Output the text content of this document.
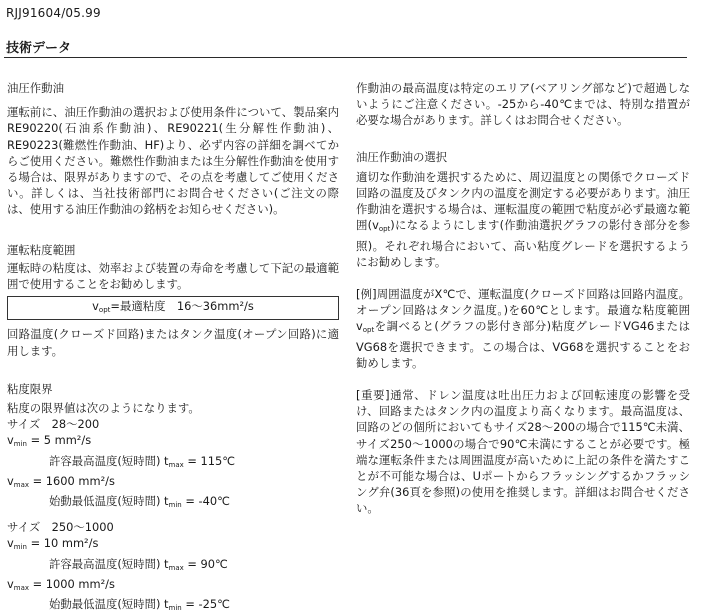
RJJ91604/05.99
技術データ

油圧作動油

運転前に、油圧作動油の選択および使用条件について、製品案内RE90220(石油系作動油)、RE90221(生分解性作動油)、RE90223(難燃性作動油、HF)より、必ず内容の詳細を調べてからご使用ください。難燃性作動油または生分解性作動油を使用する場合は、限界がありますので、その点を考慮してご使用ください。詳しくは、当社技術部門にお問合せください(ご注文の際は、使用する油圧作動油の銘柄をお知らせください)。

運転粘度範囲

運転時の粘度は、効率および装置の寿命を考慮して下記の最適範囲で使用することをお勧めします。

$v_{opt}=$最適粘度　16～36mm²/s

回路温度(クローズド回路)またはタンク温度(オープン回路)に適用します。

粘度限界

粘度の限界値は次のようになります。

サイズ　28～200

$v_{min} = 5$ mm²/s

許容最高温度(短時間) $t_{max}$ = 115℃

$v_{max} = 1600$ mm²/s

始動最低温度(短時間) $t_{min}$ = -40℃

サイズ　250～1000

$v_{min} = 10$ mm²/s

許容最高温度(短時間) $t_{max}$ = 90℃

$v_{max} = 1000$ mm²/s

始動最低温度(短時間) $t_{min}$ = -25℃

作動油の最高温度は特定のエリア(ベアリング部など)で超過しないようにご注意ください。-25から-40℃までは、特別な措置が必要な場合があります。詳しくはお問合せください。

油圧作動油の選択

適切な作動油を選択するために、周辺温度との関係でクローズド回路の温度及びタンク内の温度を測定する必要があります。油圧作動油を選択する場合は、運転温度の範囲で粘度が必ず最適な範囲$(v_{opt})$になるようにします(作動油選択グラフの影付き部分を参照)。それぞれ場合において、高い粘度グレードを選択するようにお勧めします。

[例]周囲温度がX℃で、運転温度(クローズド回路は回路内温度。オープン回路はタンク温度。)を60℃とします。最適な粘度範囲$v_{opt}$を調べると(グラフの影付き部分)粘度グレードVG46またはVG68を選択できます。この場合は、VG68を選択することをお勧めします。

[重要]通常、ドレン温度は吐出圧力および回転速度の影響を受け、回路またはタンク内の温度より高くなります。最高温度は、回路のどの個所においてもサイズ28～200の場合で115℃未満、サイズ250～1000の場合で90℃未満にすることが必要です。極端な運転条件または周囲温度が高いために上記の条件を満たすことが不可能な場合は、Uポートからフラッシングするかフラッシング弁(36頁を参照)の使用を推奨します。詳細はお問合せください。
